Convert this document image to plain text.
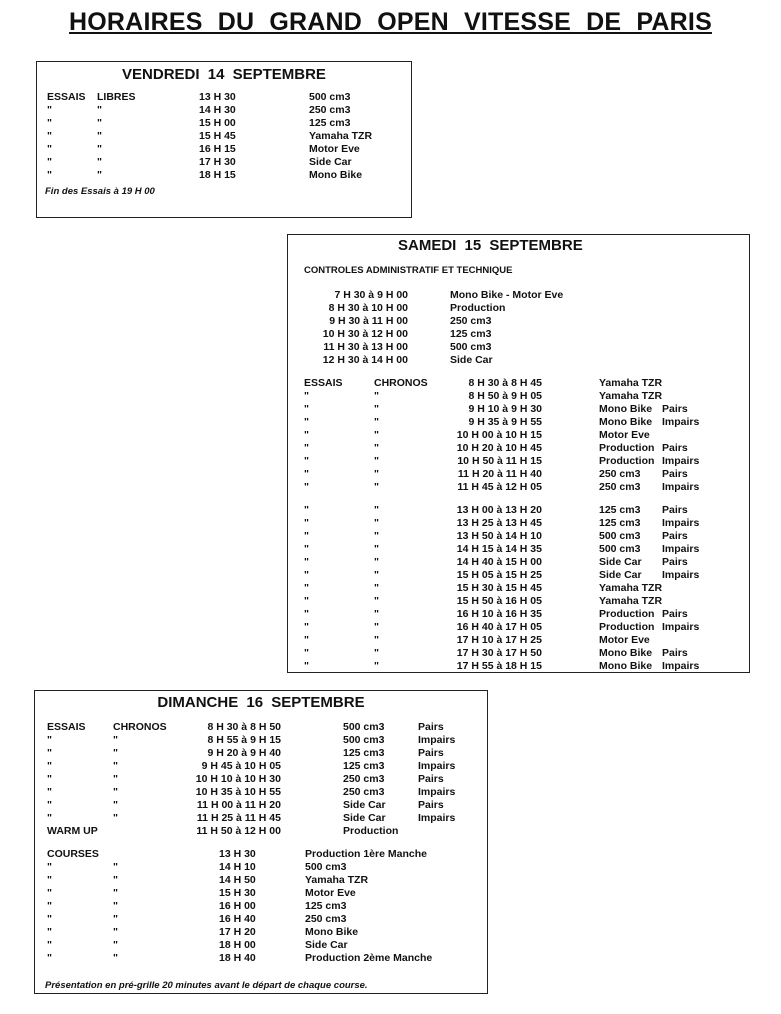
HORAIRES DU GRAND OPEN VITESSE DE PARIS
VENDREDI 14 SEPTEMBRE
ESSAIS LIBRES	13 H 30	500 cm3
"	"	14 H 30	250 cm3
"	"	15 H 00	125 cm3
"	"	15 H 45	Yamaha TZR
"	"	16 H 15	Motor Eve
"	"	17 H 30	Side Car
"	"	18 H 15	Mono Bike
Fin des Essais à 19 H 00
SAMEDI 15 SEPTEMBRE
CONTROLES ADMINISTRATIF ET TECHNIQUE
7 H 30 à 9 H 00	Mono Bike - Motor Eve
8 H 30 à 10 H 00	Production
9 H 30 à 11 H 00	250 cm3
10 H 30 à 12 H 00	125 cm3
11 H 30 à 13 H 00	500 cm3
12 H 30 à 14 H 00	Side Car
ESSAIS	CHRONOS	8 H 30 à 8 H 45	Yamaha TZR
"	"	8 H 50 à 9 H 05	Yamaha TZR
"	"	9 H 10 à 9 H 30	Mono Bike Pairs
"	"	9 H 35 à 9 H 55	Mono Bike Impairs
"	"	10 H 00 à 10 H 15	Motor Eve
"	"	10 H 20 à 10 H 45	Production Pairs
"	"	10 H 50 à 11 H 15	Production Impairs
"	"	11 H 20 à 11 H 40	250 cm3 Pairs
"	"	11 H 45 à 12 H 05	250 cm3 Impairs
"	"	13 H 00 à 13 H 20	125 cm3 Pairs
"	"	13 H 25 à 13 H 45	125 cm3 Impairs
"	"	13 H 50 à 14 H 10	500 cm3 Pairs
"	"	14 H 15 à 14 H 35	500 cm3 Impairs
"	"	14 H 40 à 15 H 00	Side Car Pairs
"	"	15 H 05 à 15 H 25	Side Car Impairs
"	"	15 H 30 à 15 H 45	Yamaha TZR
"	"	15 H 50 à 16 H 05	Yamaha TZR
"	"	16 H 10 à 16 H 35	Production Pairs
"	"	16 H 40 à 17 H 05	Production Impairs
"	"	17 H 10 à 17 H 25	Motor Eve
"	"	17 H 30 à 17 H 50	Mono Bike Pairs
"	"	17 H 55 à 18 H 15	Mono Bike Impairs
DIMANCHE 16 SEPTEMBRE
ESSAIS	CHRONOS	8 H 30 à 8 H 50	500 cm3	Pairs
"	"	8 H 55 à 9 H 15	500 cm3	Impairs
"	"	9 H 20 à 9 H 40	125 cm3	Pairs
"	"	9 H 45 à 10 H 05	125 cm3	Impairs
"	"	10 H 10 à 10 H 30	250 cm3	Pairs
"	"	10 H 35 à 10 H 55	250 cm3	Impairs
"	"	11 H 00 à 11 H 20	Side Car	Pairs
"	"	11 H 25 à 11 H 45	Side Car	Impairs
WARM UP	11 H 50 à 12 H 00	Production
COURSES	13 H 30	Production 1ère Manche
"	"	14 H 10	500 cm3
"	"	14 H 50	Yamaha TZR
"	"	15 H 30	Motor Eve
"	"	16 H 00	125 cm3
"	"	16 H 40	250 cm3
"	"	17 H 20	Mono Bike
"	"	18 H 00	Side Car
"	"	18 H 40	Production 2ème Manche
Présentation en pré-grille 20 minutes avant le départ de chaque course.
